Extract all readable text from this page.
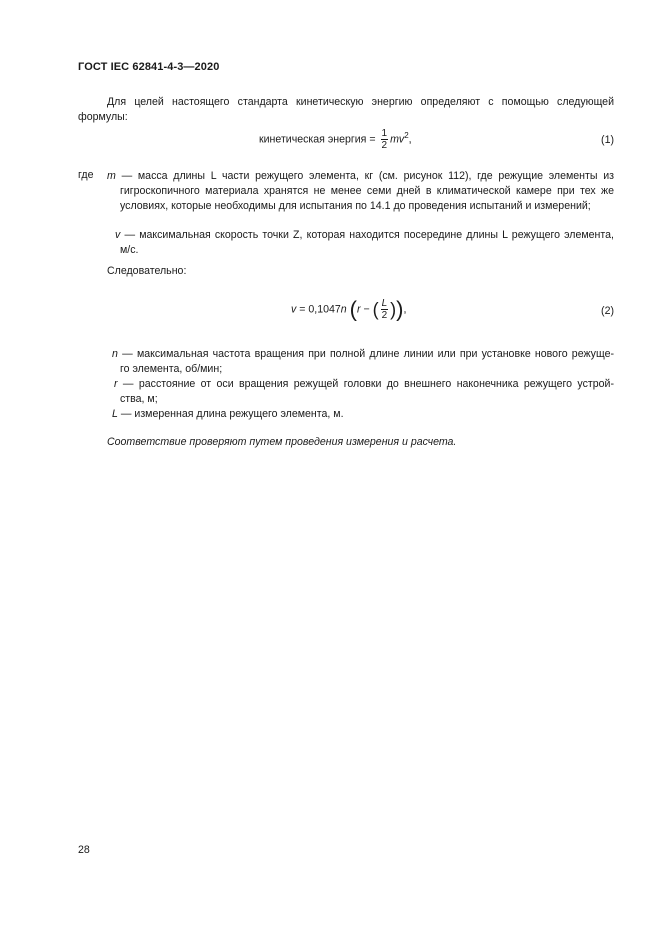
ГОСТ IEC 62841-4-3—2020
Для целей настоящего стандарта кинетическую энергию определяют с помощью следующей формулы:
кинетическая энергия = $\frac{1}{2} mv^2$,	(1)
где m — масса длины L части режущего элемента, кг (см. рисунок 112), где режущие элементы из
гигроскопичного материала хранятся не менее семи дней в климатической камере при тех же условиях, которые необходимы для испытания по 14.1 до проведения испытаний и измерений;
v — максимальная скорость точки Z, которая находится посередине длины L режущего элемента,
м/с.
Следовательно:
v = 0,1047n (r − ( $\frac{L}{2}$ )),	(2)
n — максимальная частота вращения при полной длине линии или при установке нового режуще-
го элемента, об/мин;
r — расстояние от оси вращения режущей головки до внешнего наконечника режущего устрой-
ства, м;
L — измеренная длина режущего элемента, м.
Соответствие проверяют путем проведения измерения и расчета.
28
